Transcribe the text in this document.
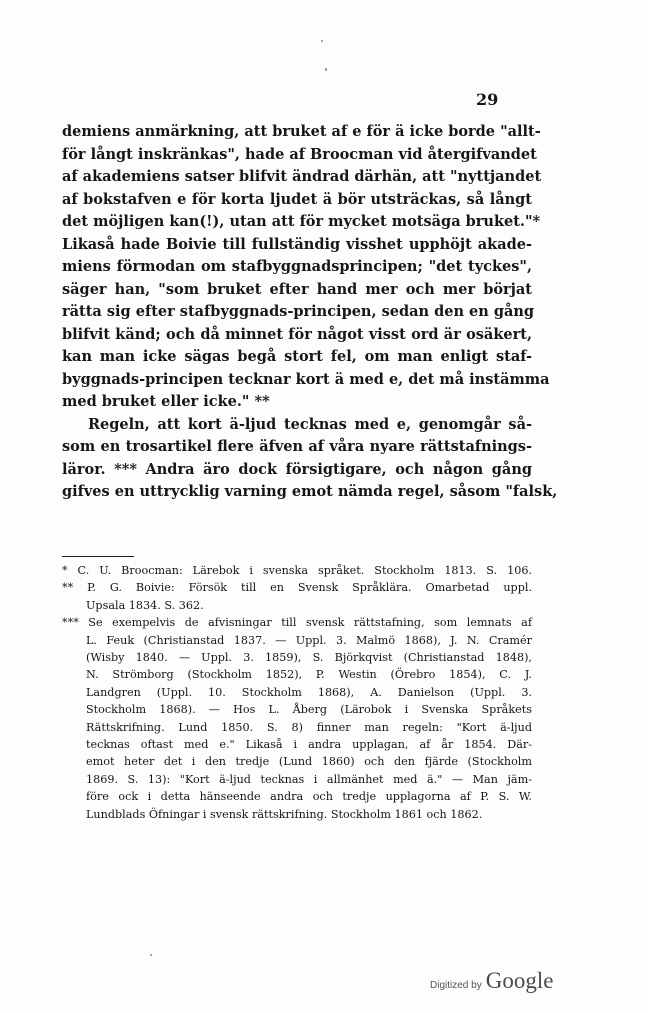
29
demiens anmärkning, att bruket af e för ä icke borde "allt-
för långt inskränkas", hade af Broocman vid återgifvandet
af akademiens satser blifvit ändrad därhän, att "nyttjandet
af bokstafven e för korta ljudet ä bör utsträckas, så långt
det möjligen kan(!), utan att för mycket motsäga bruket."*
Likaså hade Boivie till fullständig visshet upphöjt akade-
miens förmodan om stafbyggnadsprincipen; "det tyckes",
säger han, "som bruket efter hand mer och mer börjat
rätta sig efter stafbyggnads-principen, sedan den en gång
blifvit känd; och då minnet för något visst ord är osäkert,
kan man icke sägas begå stort fel, om man enligt staf-
byggnads-principen tecknar kort ä med e, det må instämma
med bruket eller icke." **
Regeln, att kort ä-ljud tecknas med e, genomgår så-
som en trosartikel flere äfven af våra nyare rättstafnings-
läror. *** Andra äro dock försigtigare, och någon gång
gifves en uttrycklig varning emot nämda regel, såsom "falsk,
* C. U. Broocman: Lärebok i svenska språket. Stockholm 1813. S. 106.
** P. G. Boivie: Försök till en Svensk Språklära. Omarbetad uppl.
Upsala 1834. S. 362.
*** Se exempelvis de afvisningar till svensk rättstafning, som lemnats af
L. Feuk (Christianstad 1837. — Uppl. 3. Malmö 1868), J. N. Cramér
(Wisby 1840. — Uppl. 3. 1859), S. Björkqvist (Christianstad 1848),
N. Strömborg (Stockholm 1852), P. Westin (Örebro 1854), C. J.
Landgren (Uppl. 10. Stockholm 1868), A. Danielson (Uppl. 3.
Stockholm 1868). — Hos L. Åberg (Lärobok i Svenska Språkets
Rättskrifning. Lund 1850. S. 8) finner man regeln: "Kort ä-ljud
tecknas oftast med e." Likaså i andra upplagan, af år 1854. Där-
emot heter det i den tredje (Lund 1860) och den fjärde (Stockholm
1869. S. 13): "Kort ä-ljud tecknas i allmänhet med ä." — Man jäm-
före ock i detta hänseende andra och tredje upplagorna af P. S. W.
Lundblads Öfningar i svensk rättskrifning. Stockholm 1861 och 1862.
Digitized by Google
